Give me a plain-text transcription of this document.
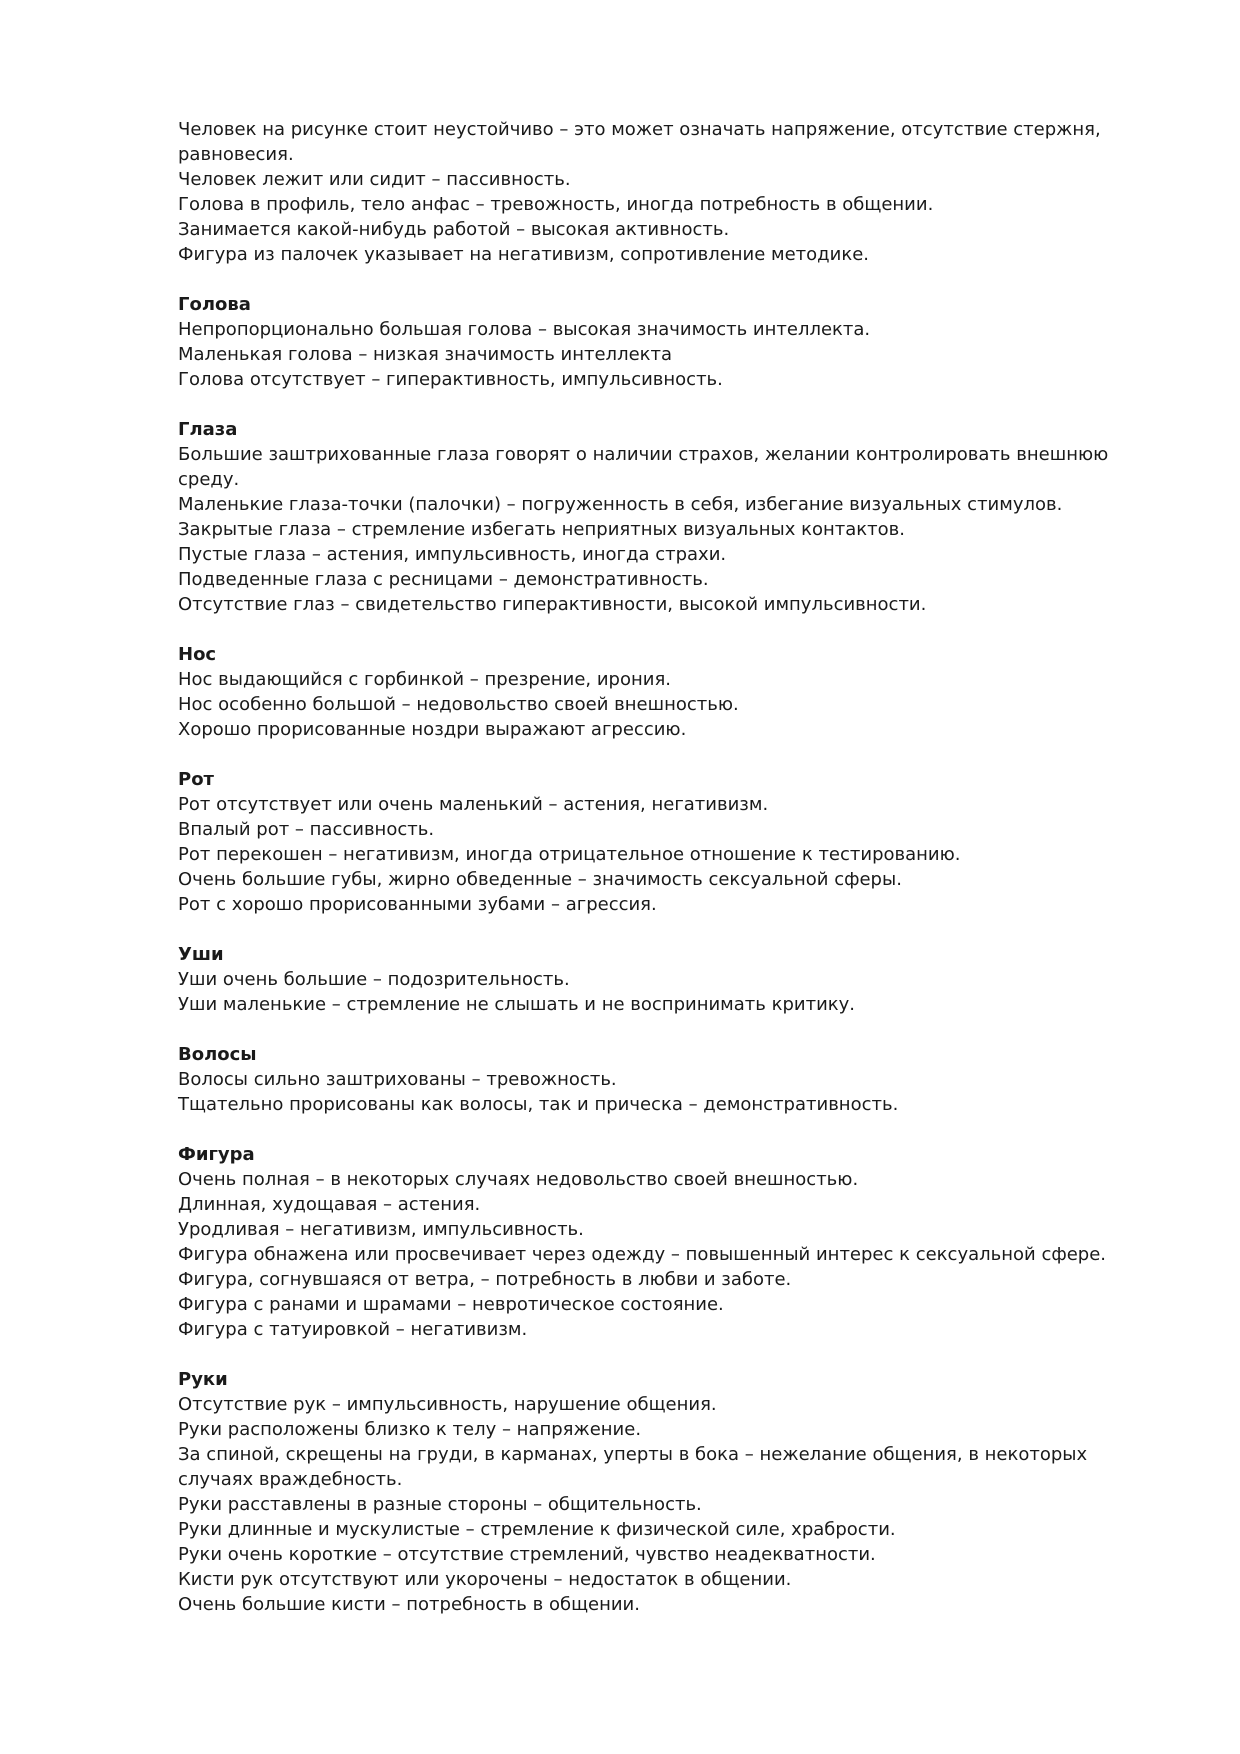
Человек на рисунке стоит неустойчиво – это может означать напряжение, отсутствие стержня,

равновесия.

Человек лежит или сидит – пассивность.

Голова в профиль, тело анфас – тревожность, иногда потребность в общении.

Занимается какой-нибудь работой – высокая активность.

Фигура из палочек указывает на негативизм, сопротивление методике.

Голова

Непропорционально большая голова – высокая значимость интеллекта.

Маленькая голова – низкая значимость интеллекта

Голова отсутствует – гиперактивность, импульсивность.

Глаза

Большие заштрихованные глаза говорят о наличии страхов, желании контролировать внешнюю

среду.

Маленькие глаза-точки (палочки) – погруженность в себя, избегание визуальных стимулов.

Закрытые глаза – стремление избегать неприятных визуальных контактов.

Пустые глаза – астения, импульсивность, иногда страхи.

Подведенные глаза с ресницами – демонстративность.

Отсутствие глаз – свидетельство гиперактивности, высокой импульсивности.

Нос

Нос выдающийся с горбинкой – презрение, ирония.

Нос особенно большой – недовольство своей внешностью.

Хорошо прорисованные ноздри выражают агрессию.

Рот

Рот отсутствует или очень маленький – астения, негативизм.

Впалый рот – пассивность.

Рот перекошен – негативизм, иногда отрицательное отношение к тестированию.

Очень большие губы, жирно обведенные – значимость сексуальной сферы.

Рот с хорошо прорисованными зубами – агрессия.

Уши

Уши очень большие – подозрительность.

Уши маленькие – стремление не слышать и не воспринимать критику.

Волосы

Волосы сильно заштрихованы – тревожность.

Тщательно прорисованы как волосы, так и прическа – демонстративность.

Фигура

Очень полная – в некоторых случаях недовольство своей внешностью.

Длинная, худощавая – астения.

Уродливая – негативизм, импульсивность.

Фигура обнажена или просвечивает через одежду – повышенный интерес к сексуальной сфере.

Фигура, согнувшаяся от ветра, – потребность в любви и заботе.

Фигура с ранами и шрамами – невротическое состояние.

Фигура с татуировкой – негативизм.

Руки

Отсутствие рук – импульсивность, нарушение общения.

Руки расположены близко к телу – напряжение.

За спиной, скрещены на груди, в карманах, уперты в бока – нежелание общения, в некоторых

случаях враждебность.

Руки расставлены в разные стороны – общительность.

Руки длинные и мускулистые – стремление к физической силе, храбрости.

Руки очень короткие – отсутствие стремлений, чувство неадекватности.

Кисти рук отсутствуют или укорочены – недостаток в общении.

Очень большие кисти – потребность в общении.
